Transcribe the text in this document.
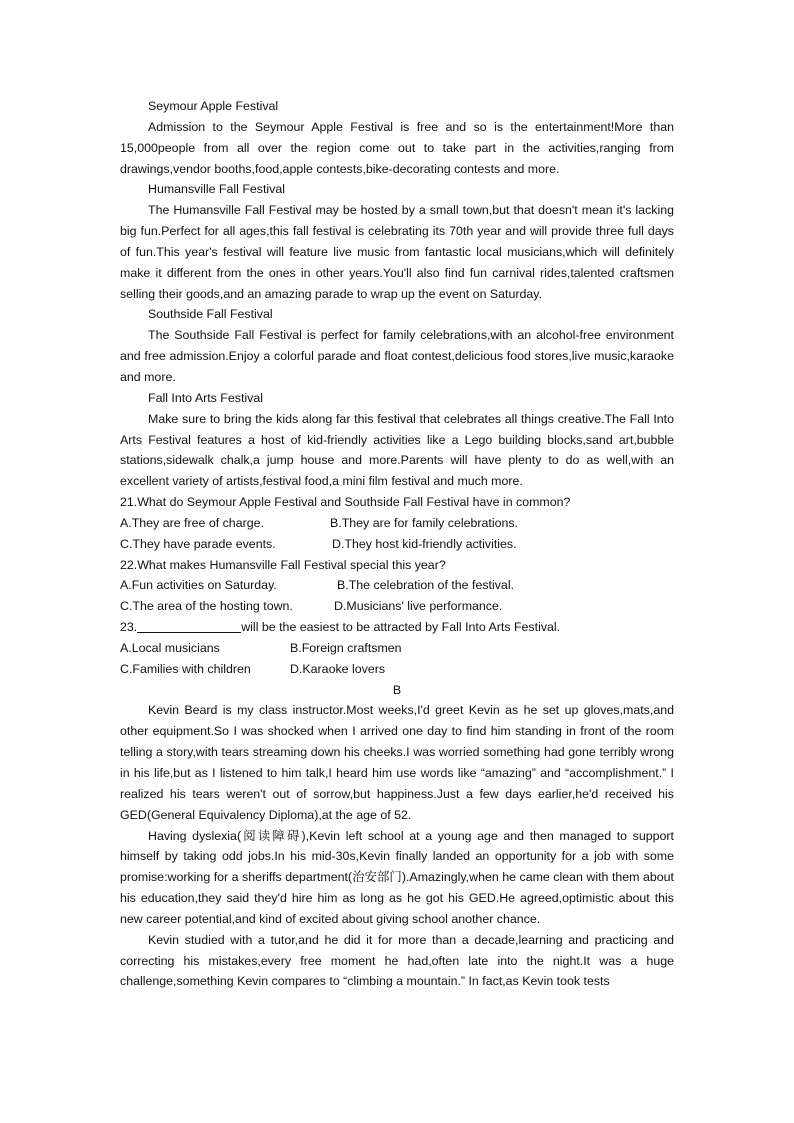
Seymour Apple Festival

Admission to the Seymour Apple Festival is free and so is the entertainment!More than 15,000people from all over the region come out to take part in the activities,ranging from drawings,vendor booths,food,apple contests,bike-decorating contests and more.

Humansville Fall Festival

The Humansville Fall Festival may be hosted by a small town,but that doesn't mean it's lacking big fun.Perfect for all ages,this fall festival is celebrating its 70th year and will provide three full days of fun.This year's festival will feature live music from fantastic local musicians,which will definitely make it different from the ones in other years.You'll also find fun carnival rides,talented craftsmen selling their goods,and an amazing parade to wrap up the event on Saturday.

Southside Fall Festival

The Southside Fall Festival is perfect for family celebrations,with an alcohol-free environment and free admission.Enjoy a colorful parade and float contest,delicious food stores,live music,karaoke and more.

Fall Into Arts Festival

Make sure to bring the kids along far this festival that celebrates all things creative.The Fall Into Arts Festival features a host of kid-friendly activities like a Lego building blocks,sand art,bubble stations,sidewalk chalk,a jump house and more.Parents will have plenty to do as well,with an excellent variety of artists,festival food,a mini film festival and much more.

21.What do Seymour Apple Festival and Southside Fall Festival have in common?

A.They are free of charge.	B.They are for family celebrations.
C.They have parade events.	D.They host kid-friendly activities.

22.What makes Humansville Fall Festival special this year?

A.Fun activities on Saturday.	B.The celebration of the festival.
C.The area of the hosting town.	D.Musicians' live performance.

23.	will be the easiest to be attracted by Fall Into Arts Festival.

A.Local musicians	B.Foreign craftsmen
C.Families with children	D.Karaoke lovers

B

Kevin Beard is my class instructor.Most weeks,I'd greet Kevin as he set up gloves,mats,and other equipment.So I was shocked when I arrived one day to find him standing in front of the room telling a story,with tears streaming down his cheeks.I was worried something had gone terribly wrong in his life,but as I listened to him talk,I heard him use words like “amazing” and “accomplishment.” I realized his tears weren't out of sorrow,but happiness.Just a few days earlier,he'd received his GED(General Equivalency Diploma),at the age of 52.

Having dyslexia(阅读障碍),Kevin left school at a young age and then managed to support himself by taking odd jobs.In his mid-30s,Kevin finally landed an opportunity for a job with some promise:working for a sheriffs department(治安部门).Amazingly,when he came clean with them about his education,they said they'd hire him as long as he got his GED.He agreed,optimistic about this new career potential,and kind of excited about giving school another chance.

Kevin studied with a tutor,and he did it for more than a decade,learning and practicing and correcting his mistakes,every free moment he had,often late into the night.It was a huge challenge,something Kevin compares to “climbing a mountain.” In fact,as Kevin took tests
